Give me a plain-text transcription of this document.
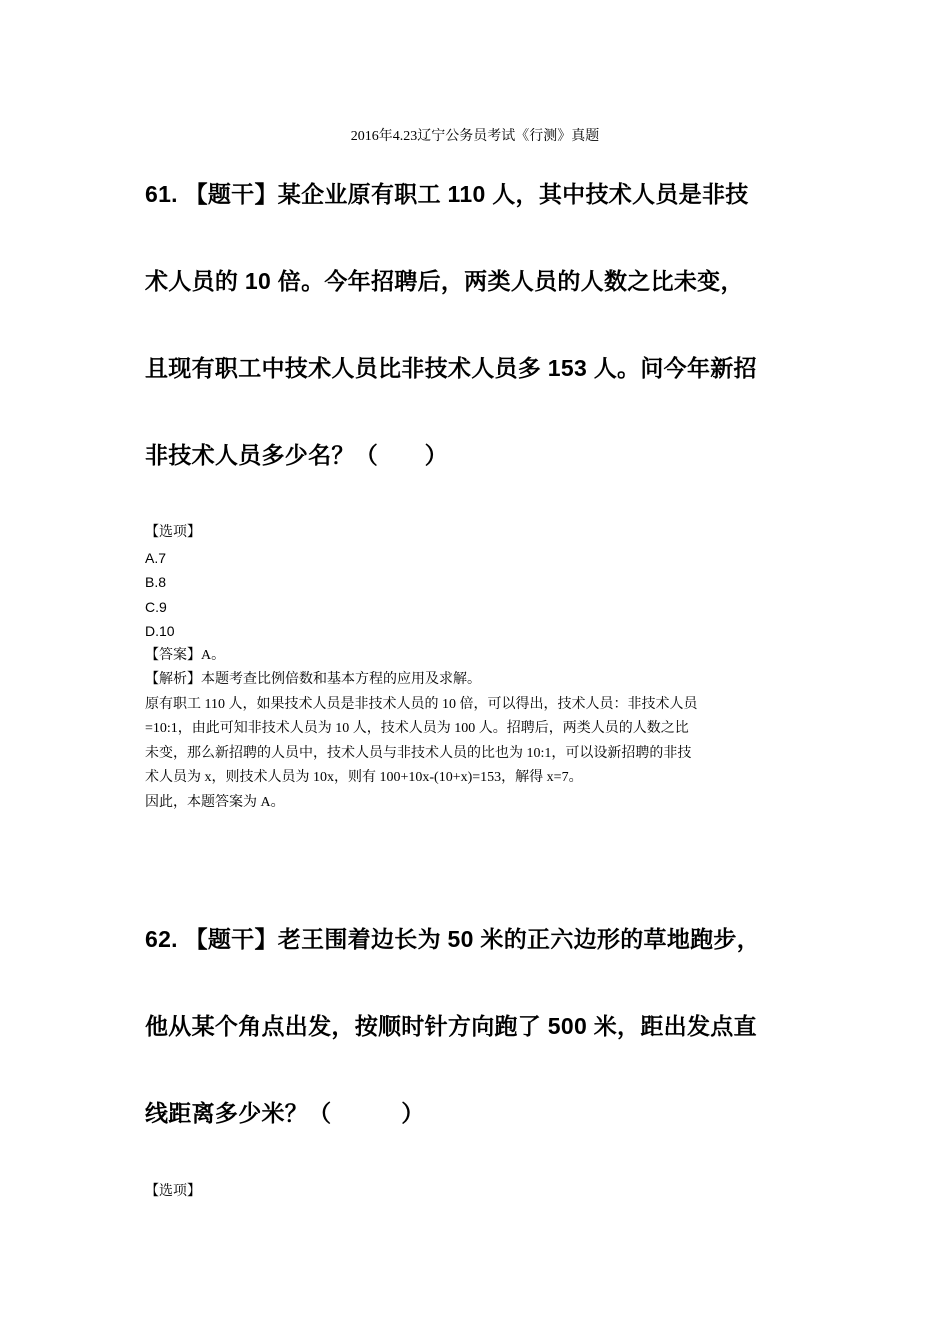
2016年4.23辽宁公务员考试《行测》真题
61. 【题干】某企业原有职工 110 人，其中技术人员是非技
术人员的 10 倍。今年招聘后，两类人员的人数之比未变，
且现有职工中技术人员比非技术人员多 153 人。问今年新招
非技术人员多少名？（　　）
【选项】
A.7
B.8
C.9
D.10
【答案】A。
【解析】本题考查比例倍数和基本方程的应用及求解。
原有职工 110 人，如果技术人员是非技术人员的 10 倍，可以得出，技术人员：非技术人员
=10:1，由此可知非技术人员为 10 人，技术人员为 100 人。招聘后，两类人员的人数之比
未变，那么新招聘的人员中，技术人员与非技术人员的比也为 10:1，可以设新招聘的非技
术人员为 x，则技术人员为 10x，则有 100+10x-(10+x)=153，解得 x=7。
因此，本题答案为 A。
62. 【题干】老王围着边长为 50 米的正六边形的草地跑步，
他从某个角点出发，按顺时针方向跑了 500 米，距出发点直
线距离多少米？（　　　）
【选项】
